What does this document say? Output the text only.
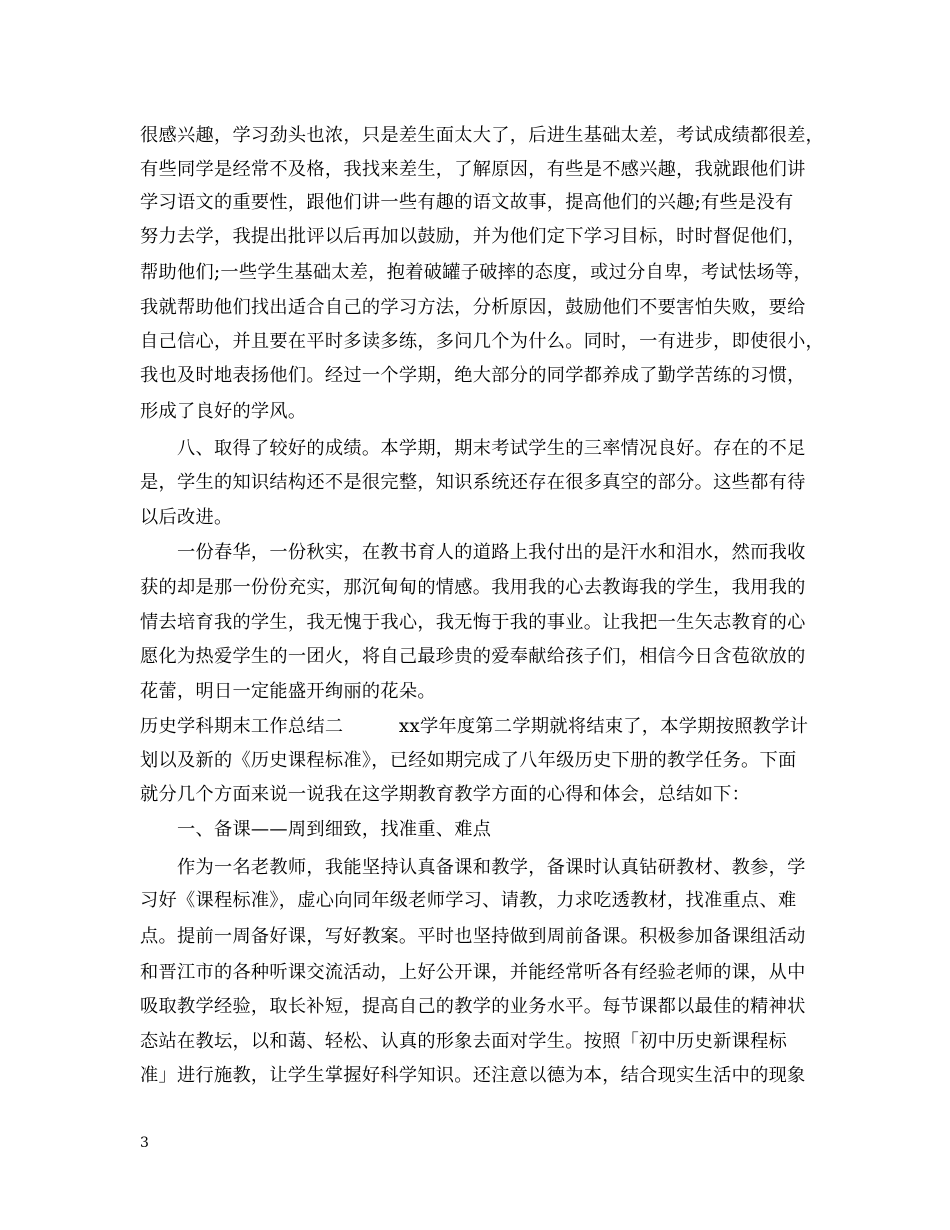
很感兴趣，学习劲头也浓，只是差生面太大了，后进生基础太差，考试成绩都很差，
有些同学是经常不及格，我找来差生，了解原因，有些是不感兴趣，我就跟他们讲
学习语文的重要性，跟他们讲一些有趣的语文故事，提高他们的兴趣;有些是没有
努力去学，我提出批评以后再加以鼓励，并为他们定下学习目标，时时督促他们，
帮助他们;一些学生基础太差，抱着破罐子破摔的态度，或过分自卑，考试怯场等，
我就帮助他们找出适合自己的学习方法，分析原因，鼓励他们不要害怕失败，要给
自己信心，并且要在平时多读多练，多问几个为什么。同时，一有进步，即使很小，
我也及时地表扬他们。经过一个学期，绝大部分的同学都养成了勤学苦练的习惯，
形成了良好的学风。
　　八、取得了较好的成绩。本学期，期末考试学生的三率情况良好。存在的不足
是，学生的知识结构还不是很完整，知识系统还存在很多真空的部分。这些都有待
以后改进。
　　一份春华，一份秋实，在教书育人的道路上我付出的是汗水和泪水，然而我收
获的却是那一份份充实，那沉甸甸的情感。我用我的心去教诲我的学生，我用我的
情去培育我的学生，我无愧于我心，我无悔于我的事业。让我把一生矢志教育的心
愿化为热爱学生的一团火，将自己最珍贵的爱奉献给孩子们，相信今日含苞欲放的
花蕾，明日一定能盛开绚丽的花朵。
历史学科期末工作总结二　　　xx学年度第二学期就将结束了，本学期按照教学计
划以及新的《历史课程标准》，已经如期完成了八年级历史下册的教学任务。下面
就分几个方面来说一说我在这学期教育教学方面的心得和体会，总结如下：
　　一、备课——周到细致，找准重、难点
　　作为一名老教师，我能坚持认真备课和教学，备课时认真钻研教材、教参，学
习好《课程标准》，虚心向同年级老师学习、请教，力求吃透教材，找准重点、难
点。提前一周备好课，写好教案。平时也坚持做到周前备课。积极参加备课组活动
和晋江市的各种听课交流活动，上好公开课，并能经常听各有经验老师的课，从中
吸取教学经验，取长补短，提高自己的教学的业务水平。每节课都以最佳的精神状
态站在教坛，以和蔼、轻松、认真的形象去面对学生。按照「初中历史新课程标
准」进行施教，让学生掌握好科学知识。还注意以德为本，结合现实生活中的现象
3
